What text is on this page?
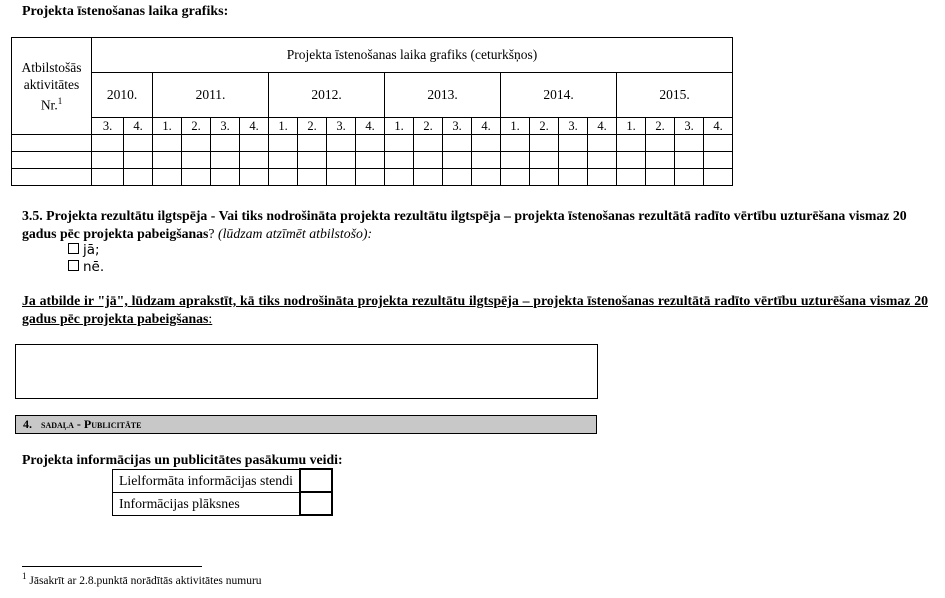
Projekta īstenošanas laika grafiks:
Atbilstošās aktivitātes Nr.$^1$	Projekta īstenošanas laika grafiks (ceturkšņos)																					
	2010.		2011.				2012.				2013.				2014.				2015.			
	3.	4.	1.	2.	3.	4.	1.	2.	3.	4.	1.	2.	3.	4.	1.	2.	3.	4.	1.	2.	3.	4.

3.5. Projekta rezultātu ilgtspēja - Vai tiks nodrošināta projekta rezultātu ilgtspēja – projekta īstenošanas rezultātā radīto vērtību uzturēšana vismaz 20 gadus pēc projekta pabeigšanas? (lūdzam atzīmēt atbilstošo):
jā;
nē.
Ja atbilde ir "jā", lūdzam aprakstīt, kā tiks nodrošināta projekta rezultātu ilgtspēja – projekta īstenošanas rezultātā radīto vērtību uzturēšana vismaz 20 gadus pēc projekta pabeigšanas:
4. sadaļa - Publicitāte
Projekta informācijas un publicitātes pasākumu veidi:
Lielformāta informācijas stendi	
Informācijas plāksnes	
$^1$ Jāsakrīt ar 2.8.punktā norādītās aktivitātes numuru
